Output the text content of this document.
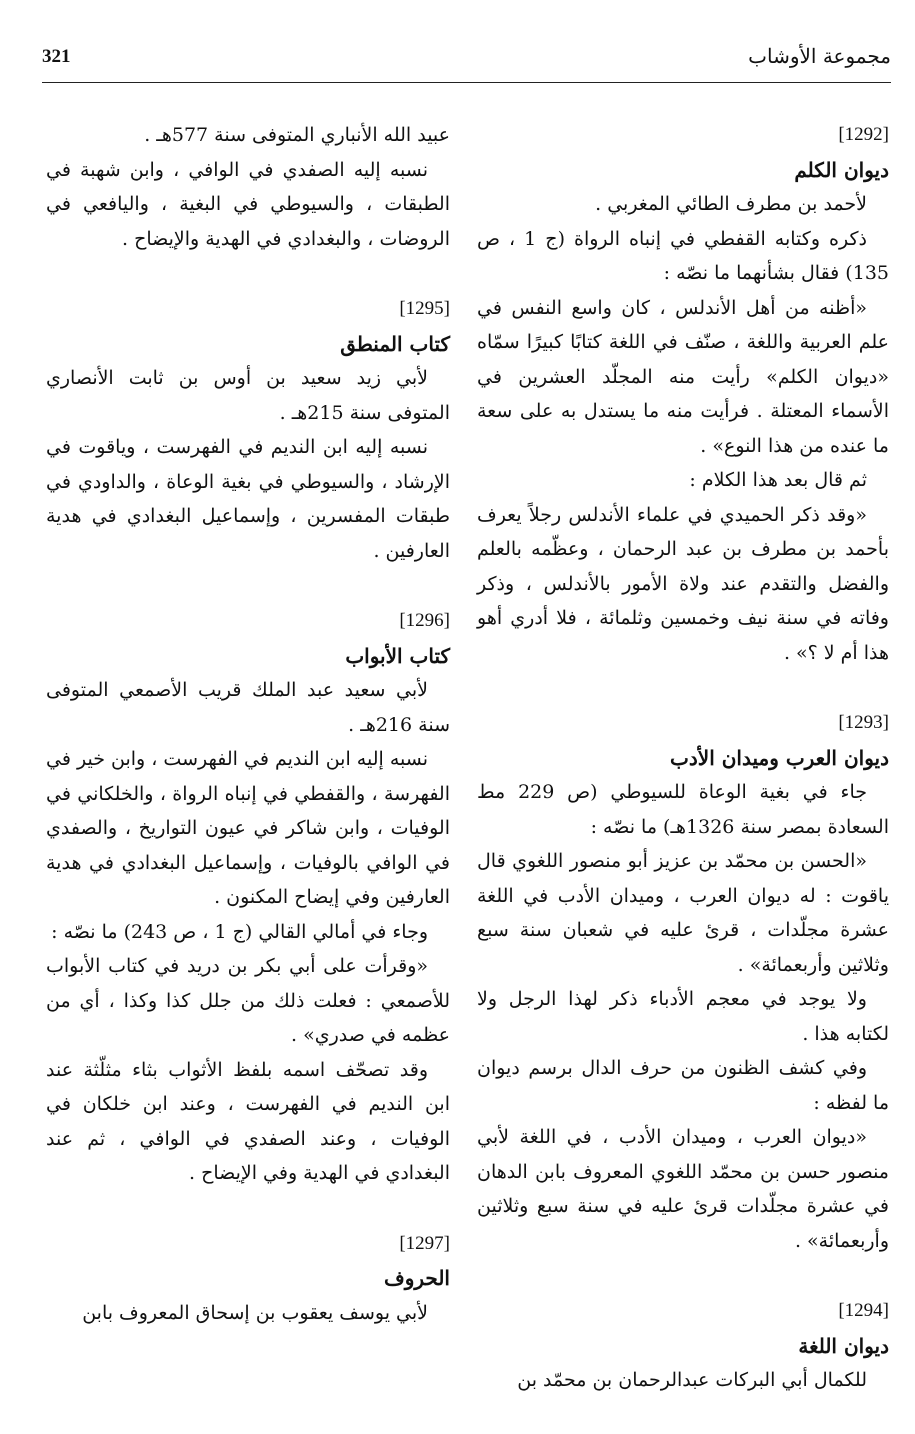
321	مجموعة الأوشاب
[1292]
ديوان الكلم

لأحمد بن مطرف الطائي المغربي .

ذكره وكتابه القفطي في إنباه الرواة (ج 1 ، ص 135) فقال بشأنهما ما نصّه :

«أظنه من أهل الأندلس ، كان واسع النفس في علم العربية واللغة ، صنّف في اللغة كتابًا كبيرًا سمّاه «ديوان الكلم» رأيت منه المجلّد العشرين في الأسماء المعتلة . فرأيت منه ما يستدل به على سعة ما عنده من هذا النوع» .

ثم قال بعد هذا الكلام :

«وقد ذكر الحميدي في علماء الأندلس رجلاً يعرف بأحمد بن مطرف بن عبد الرحمان ، وعظّمه بالعلم والفضل والتقدم عند ولاة الأمور بالأندلس ، وذكر وفاته في سنة نيف وخمسين وثلمائة ، فلا أدري أهو هذا أم لا ؟» .

[1293]
ديوان العرب وميدان الأدب

جاء في بغية الوعاة للسيوطي (ص 229 مط السعادة بمصر سنة 1326هـ) ما نصّه :

«الحسن بن محمّد بن عزيز أبو منصور اللغوي قال ياقوت : له ديوان العرب ، وميدان الأدب في اللغة عشرة مجلّدات ، قرئ عليه في شعبان سنة سبع وثلاثين وأربعمائة» .

ولا يوجد في معجم الأدباء ذكر لهذا الرجل ولا لكتابه هذا .

وفي كشف الظنون من حرف الدال برسم ديوان ما لفظه :

«ديوان العرب ، وميدان الأدب ، في اللغة لأبي منصور حسن بن محمّد اللغوي المعروف بابن الدهان في عشرة مجلّدات قرئ عليه في سنة سبع وثلاثين وأربعمائة» .

[1294]
ديوان اللغة

للكمال أبي البركات عبدالرحمان بن محمّد بن

عبيد الله الأنباري المتوفى سنة 577هـ .

نسبه إليه الصفدي في الوافي ، وابن شهبة في الطبقات ، والسيوطي في البغية ، واليافعي في الروضات ، والبغدادي في الهدية والإيضاح .

[1295]
كتاب المنطق

لأبي زيد سعيد بن أوس بن ثابت الأنصاري المتوفى سنة 215هـ .

نسبه إليه ابن النديم في الفهرست ، وياقوت في الإرشاد ، والسيوطي في بغية الوعاة ، والداودي في طبقات المفسرين ، وإسماعيل البغدادي في هدية العارفين .

[1296]
كتاب الأبواب

لأبي سعيد عبد الملك قريب الأصمعي المتوفى سنة 216هـ .

نسبه إليه ابن النديم في الفهرست ، وابن خير في الفهرسة ، والقفطي في إنباه الرواة ، والخلكاني في الوفيات ، وابن شاكر في عيون التواريخ ، والصفدي في الوافي بالوفيات ، وإسماعيل البغدادي في هدية العارفين وفي إيضاح المكنون .

وجاء في أمالي القالي (ج 1 ، ص 243) ما نصّه :

«وقرأت على أبي بكر بن دريد في كتاب الأبواب للأصمعي : فعلت ذلك من جلل كذا وكذا ، أي من عظمه في صدري» .

وقد تصحّف اسمه بلفظ الأثواب بثاء مثلّثة عند ابن النديم في الفهرست ، وعند ابن خلكان في الوفيات ، وعند الصفدي في الوافي ، ثم عند البغدادي في الهدية وفي الإيضاح .

[1297]
الحروف

لأبي يوسف يعقوب بن إسحاق المعروف بابن
